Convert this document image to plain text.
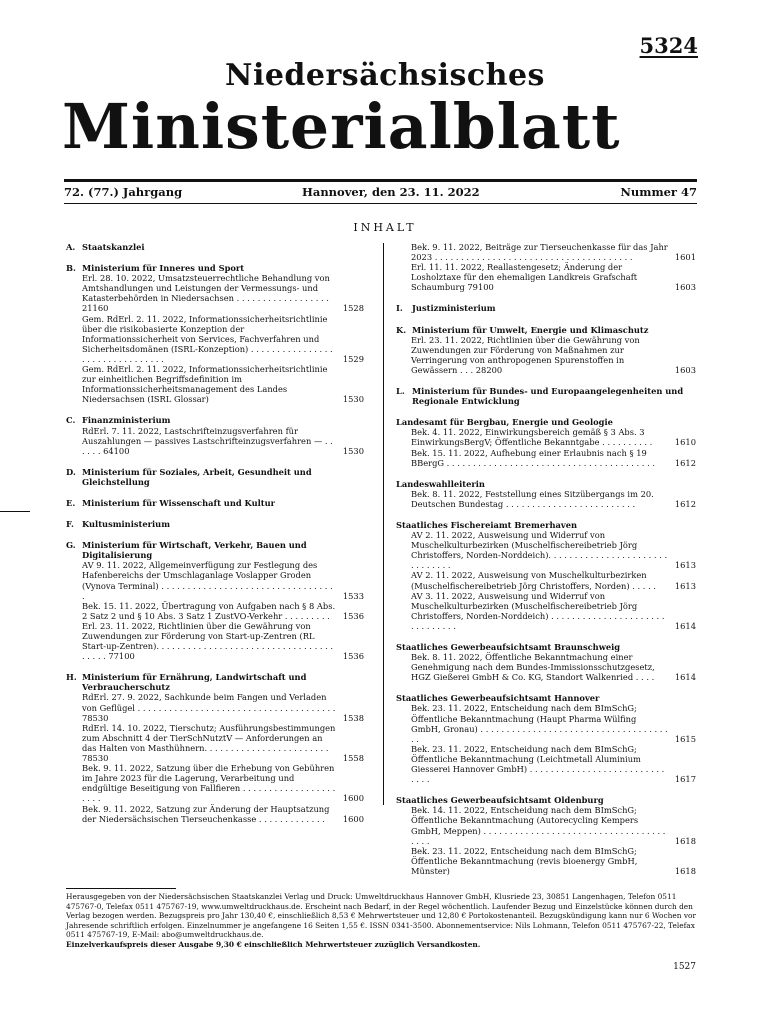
5324
Niedersächsisches
Ministerialblatt
72. (77.) Jahrgang	Hannover, den 23. 11. 2022	Nummer 47
INHALT
A. Staatskanzlei
B. Ministerium für Inneres und Sport
Erl. 28. 10. 2022, Umsatzsteuerrechtliche Behandlung von Amtshandlungen und Leistungen der Vermessungs- und Katasterbehörden in Niedersachsen . . . . . . . . . . . . . . . . . . 21160	1528
Gem. RdErl. 2. 11. 2022, Informationssicherheitsrichtlinie über die risikobasierte Konzeption der Informationssicherheit von Services, Fachverfahren und Sicherheitsdomänen (ISRL-Konzeption) . . . . . . . . . . . . . . . . . . . . . . . . . . . . . . . .	1529
Gem. RdErl. 2. 11. 2022, Informationssicherheitsrichtlinie zur einheitlichen Begriffsdefinition im Informationssicherheitsmanagement des Landes Niedersachsen (ISRL Glossar)	1530
C. Finanzministerium
RdErl. 7. 11. 2022, Lastschrifteinzugsverfahren für Auszahlungen — passives Lastschrifteinzugsverfahren — . . . . . . 64100	1530
D. Ministerium für Soziales, Arbeit, Gesundheit und Gleichstellung
E. Ministerium für Wissenschaft und Kultur
F. Kultusministerium
G. Ministerium für Wirtschaft, Verkehr, Bauen und Digitalisierung
AV 9. 11. 2022, Allgemeinverfügung zur Festlegung des Hafenbereichs der Umschlaganlage Voslapper Groden (Vynova Terminal) . . . . . . . . . . . . . . . . . . . . . . . . . . . . . . . . . .	1533
Bek. 15. 11. 2022, Übertragung von Aufgaben nach § 8 Abs. 2 Satz 2 und § 10 Abs. 3 Satz 1 ZustVO-Verkehr . . . . . . . . .	1536
Erl. 23. 11. 2022, Richtlinien über die Gewährung von Zuwendungen zur Förderung von Start-up-Zentren (RL Start-up-Zentren). . . . . . . . . . . . . . . . . . . . . . . . . . . . . . . . . . . . . . . 77100	1536
H. Ministerium für Ernährung, Landwirtschaft und Verbraucherschutz
RdErl. 27. 9. 2022, Sachkunde beim Fangen und Verladen von Geflügel . . . . . . . . . . . . . . . . . . . . . . . . . . . . . . . . . . . . . . 78530	1538
RdErl. 14. 10. 2022, Tierschutz; Ausführungsbestimmungen zum Abschnitt 4 der TierSchNutztV — Anforderungen an das Halten von Masthühnern. . . . . . . . . . . . . . . . . . . . . . . . 78530	1558
Bek. 9. 11. 2022, Satzung über die Erhebung von Gebühren im Jahre 2023 für die Lagerung, Verarbeitung und endgültige Beseitigung von Fallfieren . . . . . . . . . . . . . . . . . . . . . .	1600
Bek. 9. 11. 2022, Satzung zur Änderung der Hauptsatzung der Niedersächsischen Tierseuchenkasse . . . . . . . . . . . . .	1600
Bek. 9. 11. 2022, Beiträge zur Tierseuchenkasse für das Jahr 2023 . . . . . . . . . . . . . . . . . . . . . . . . . . . . . . . . . . . . . .	1601
Erl. 11. 11. 2022, Reallastengesetz; Änderung der Losholztaxe für den ehemaligen Landkreis Grafschaft Schaumburg 79100	1603
I.	Justizministerium
K. Ministerium für Umwelt, Energie und Klimaschutz
Erl. 23. 11. 2022, Richtlinien über die Gewährung von Zuwendungen zur Förderung von Maßnahmen zur Verringerung von anthropogenen Spurenstoffen in Gewässern . . . 28200	1603
L. Ministerium für Bundes- und Europaangelegenheiten und Regionale Entwicklung
Landesamt für Bergbau, Energie und Geologie
Bek. 4. 11. 2022, Einwirkungsbereich gemäß § 3 Abs. 3 EinwirkungsBergV; Öffentliche Bekanntgabe . . . . . . . . . .	1610
Bek. 15. 11. 2022, Aufhebung einer Erlaubnis nach § 19 BBergG . . . . . . . . . . . . . . . . . . . . . . . . . . . . . . . . . . . . . . . .	1612
Landeswahlleiterin
Bek. 8. 11. 2022, Feststellung eines Sitzübergangs im 20. Deutschen Bundestag . . . . . . . . . . . . . . . . . . . . . . . . .	1612
Staatliches Fischereiamt Bremerhaven
AV 2. 11. 2022, Ausweisung und Widerruf von Muschelkulturbezirken (Muschelfischereibetrieb Jörg Christoffers, Norden-Norddeich). . . . . . . . . . . . . . . . . . . . . . . . . . . . . . .	1613
AV 2. 11. 2022, Ausweisung von Muschelkulturbezirken (Muschelfischereibetrieb Jörg Christoffers, Norden) . . . . .	1613
AV 3. 11. 2022, Ausweisung und Widerruf von Muschelkulturbezirken (Muschelfischereibetrieb Jörg Christoffers, Norden-Norddeich) . . . . . . . . . . . . . . . . . . . . . . . . . . . . . . .	1614
Staatliches Gewerbeaufsichtsamt Braunschweig
Bek. 8. 11. 2022, Öffentliche Bekanntmachung einer Genehmigung nach dem Bundes-Immissionsschutzgesetz, HGZ Gießerei GmbH & Co. KG, Standort Walkenried . . . .	1614
Staatliches Gewerbeaufsichtsamt Hannover
Bek. 23. 11. 2022, Entscheidung nach dem BImSchG; Öffentliche Bekanntmachung (Haupt Pharma Wülfing GmbH, Gronau) . . . . . . . . . . . . . . . . . . . . . . . . . . . . . . . . . . . . . .	1615
Bek. 23. 11. 2022, Entscheidung nach dem BImSchG; Öffentliche Bekanntmachung (Leichtmetall Aluminium Giesserei Hannover GmbH) . . . . . . . . . . . . . . . . . . . . . . . . . . . . . .	1617
Staatliches Gewerbeaufsichtsamt Oldenburg
Bek. 14. 11. 2022, Entscheidung nach dem BImSchG; Öffentliche Bekanntmachung (Autorecycling Kempers GmbH, Meppen) . . . . . . . . . . . . . . . . . . . . . . . . . . . . . . . . . . . . . . .	1618
Bek. 23. 11. 2022, Entscheidung nach dem BImSchG; Öffentliche Bekanntmachung (revis bioenergy GmbH, Münster)	1618
Herausgegeben von der Niedersächsischen Staatskanzlei Verlag und Druck: Umweltdruckhaus Hannover GmbH, Klusriede 23, 30851 Langenhagen, Telefon 0511 475767-0, Telefax 0511 475767-19, www.umweltdruckhaus.de. Erscheint nach Bedarf, in der Regel wöchentlich. Laufender Bezug und Einzelstücke können durch den Verlag bezogen werden. Bezugspreis pro Jahr 130,40 €, einschließlich 8,53 € Mehrwertsteuer und 12,80 € Portokostenanteil. Bezugskündigung kann nur 6 Wochen vor Jahresende schriftlich erfolgen. Einzelnummer je angefangene 16 Seiten 1,55 €. ISSN 0341-3500. Abonnementservice: Nils Lohmann, Telefon 0511 475767-22, Telefax 0511 475767-19, E-Mail: abo@umweltdruckhaus.de.
Einzelverkaufspreis dieser Ausgabe 9,30 € einschließlich Mehrwertsteuer zuzüglich Versandkosten.
1527
